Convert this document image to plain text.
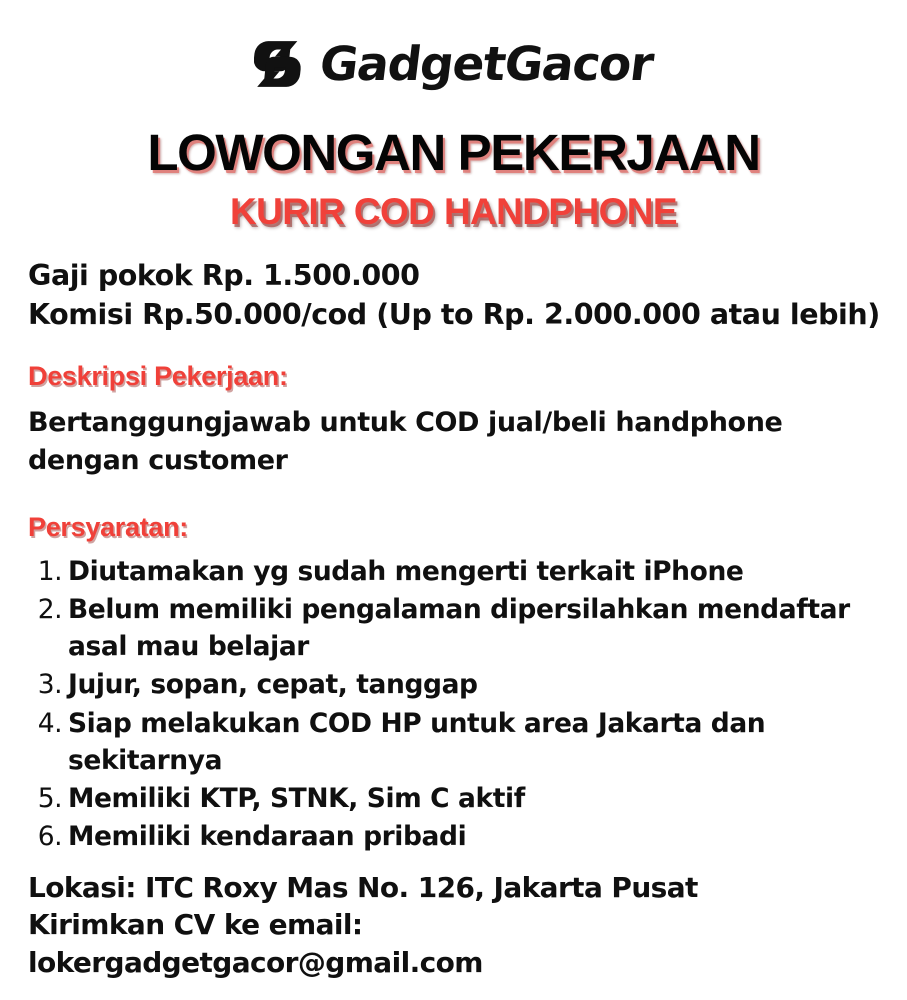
GadgetGacor
LOWONGAN PEKERJAAN
KURIR COD HANDPHONE
Gaji pokok Rp. 1.500.000
Komisi Rp.50.000/cod (Up to Rp. 2.000.000 atau lebih)
Deskripsi Pekerjaan:
Bertanggungjawab untuk COD jual/beli handphone dengan customer
Persyaratan:
1. Diutamakan yg sudah mengerti terkait iPhone
2. Belum memiliki pengalaman dipersilahkan mendaftar asal mau belajar
3. Jujur, sopan, cepat, tanggap
4. Siap melakukan COD HP untuk area Jakarta dan sekitarnya
5. Memiliki KTP, STNK, Sim C aktif
6. Memiliki kendaraan pribadi
Lokasi: ITC Roxy Mas No. 126, Jakarta Pusat
Kirimkan CV ke email:
lokergadgetgacor@gmail.com
